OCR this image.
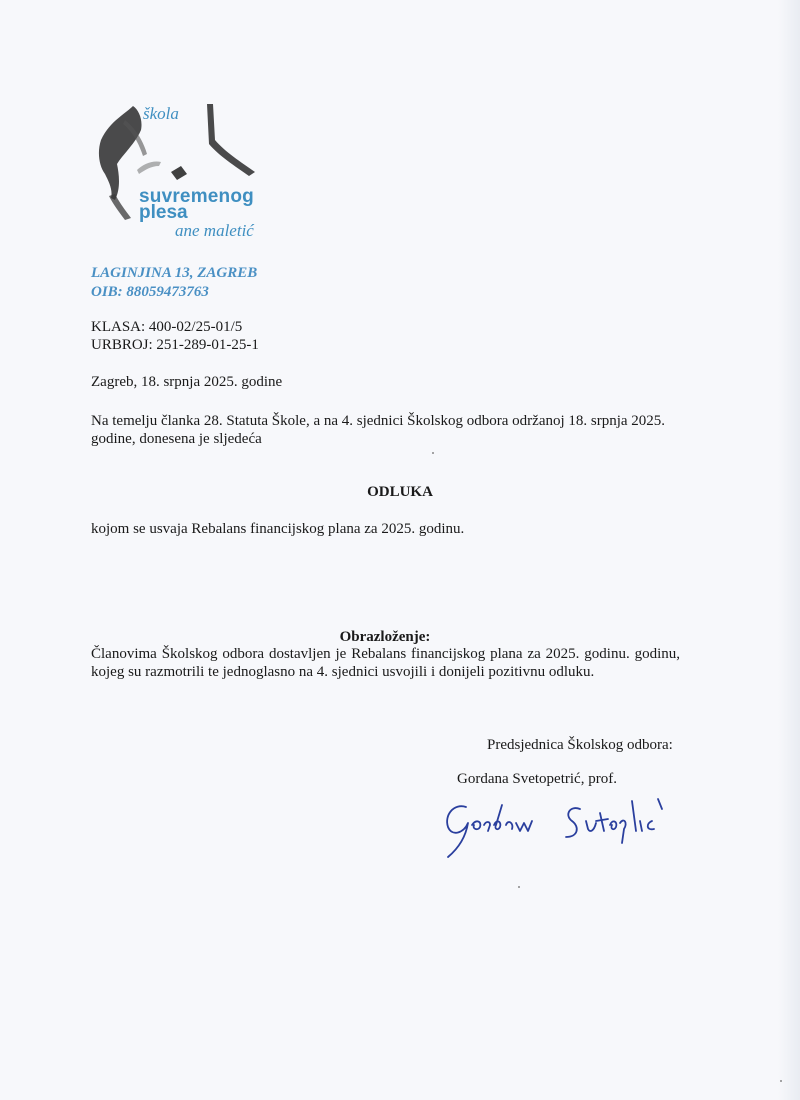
škola
suvremenog
plesa
ane maletić
LAGINJINA 13, ZAGREB
OIB: 88059473763
KLASA: 400-02/25-01/5
URBROJ: 251-289-01-25-1
Zagreb, 18. srpnja 2025. godine
Na temelju članka 28. Statuta Škole, a na 4. sjednici Školskog odbora održanoj 18. srpnja 2025. godine, donesena je sljedeća
ODLUKA
kojom se usvaja Rebalans financijskog plana za 2025. godinu.
Obrazloženje:
Članovima Školskog odbora dostavljen je Rebalans financijskog plana za 2025. godinu. godinu, kojeg su razmotrili te jednoglasno na 4. sjednici usvojili i donijeli pozitivnu odluku.
Predsjednica Školskog odbora:
Gordana Svetopetrić, prof.
